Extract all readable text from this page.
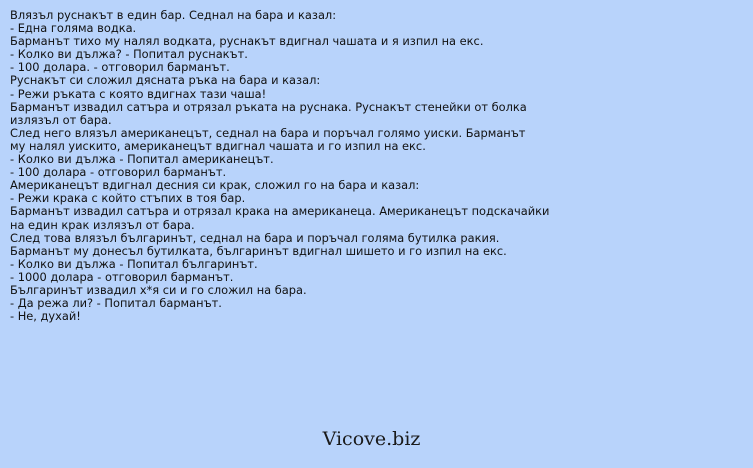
Влязъл руснакът в един бар. Седнал на бара и казал:
- Една голяма водка.
Барманът тихо му налял водката, руснакът вдигнал чашата и я изпил на екс.
- Колко ви дължа? - Попитал руснакът.
- 100 долара. - отговорил барманът.
Руснакът си сложил дясната ръка на бара и казал:
- Режи ръката с която вдигнах тази чаша!
Барманът извадил сатъра и отрязал ръката на руснака. Руснакът стенейки от болка
излязъл от бара.
След него влязъл американецът, седнал на бара и поръчал голямо уиски. Барманът
му налял уискито, американецът вдигнал чашата и го изпил на екс.
- Колко ви дължа - Попитал американецът.
- 100 долара - отговорил барманът.
Американецът вдигнал десния си крак, сложил го на бара и казал:
- Режи крака с който стъпих в тоя бар.
Барманът извадил сатъра и отрязал крака на американеца. Американецът подскачайки
на един крак излязъл от бара.
След това влязъл българинът, седнал на бара и поръчал голяма бутилка ракия.
Барманът му донесъл бутилката, българинът вдигнал шишето и го изпил на екс.
- Колко ви дължа - Попитал българинът.
- 1000 долара - отговорил барманът.
Българинът извадил х*я си и го сложил на бара.
- Да режа ли? - Попитал барманът.
- Не, духай!
Vicove.biz
